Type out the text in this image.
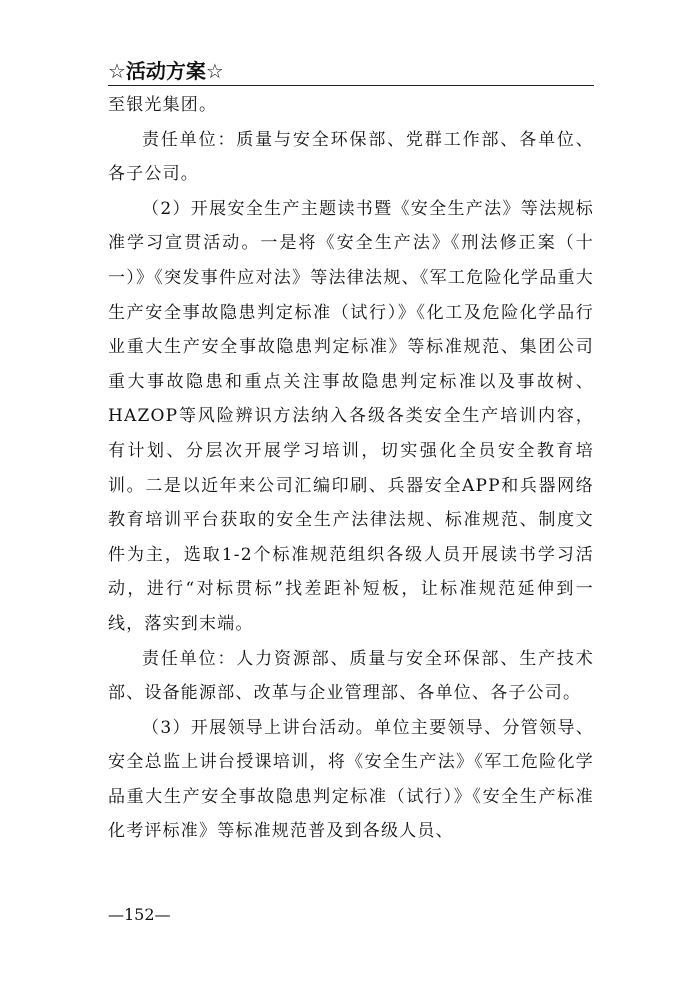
☆活动方案☆

至银光集团。

责任单位：质量与安全环保部、党群工作部、各单位、各子公司。

（2）开展安全生产主题读书暨《安全生产法》等法规标准学习宣贯活动。一是将《安全生产法》《刑法修正案（十一）》《突发事件应对法》等法律法规、《军工危险化学品重大生产安全事故隐患判定标准（试行）》《化工及危险化学品行业重大生产安全事故隐患判定标准》等标准规范、集团公司重大事故隐患和重点关注事故隐患判定标准以及事故树、HAZOP等风险辨识方法纳入各级各类安全生产培训内容，有计划、分层次开展学习培训，切实强化全员安全教育培训。二是以近年来公司汇编印刷、兵器安全APP和兵器网络教育培训平台获取的安全生产法律法规、标准规范、制度文件为主，选取1-2个标准规范组织各级人员开展读书学习活动，进行“对标贯标”找差距补短板，让标准规范延伸到一线，落实到末端。

责任单位：人力资源部、质量与安全环保部、生产技术部、设备能源部、改革与企业管理部、各单位、各子公司。

（3）开展领导上讲台活动。单位主要领导、分管领导、安全总监上讲台授课培训，将《安全生产法》《军工危险化学品重大生产安全事故隐患判定标准（试行）》《安全生产标准化考评标准》等标准规范普及到各级人员、

—152—
